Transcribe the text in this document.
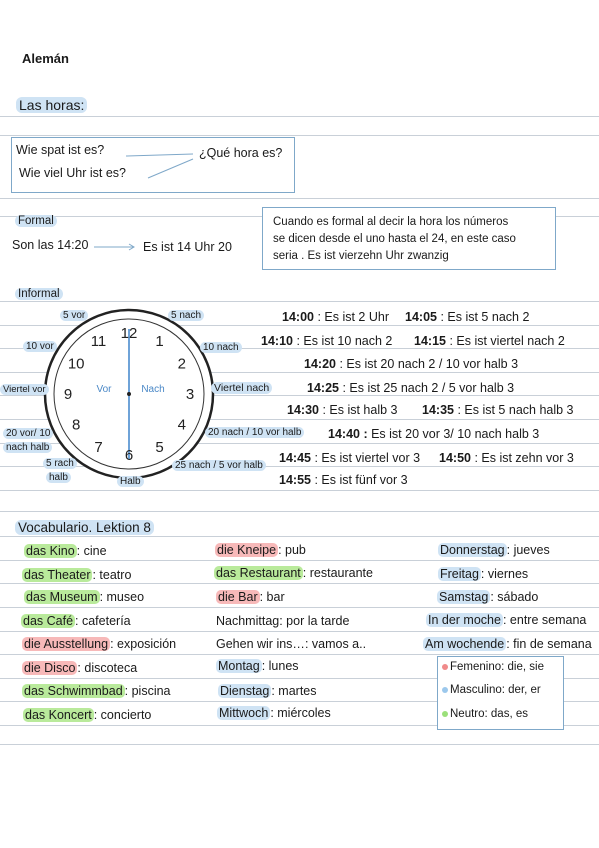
Alemán
Las horas:
Wie spat ist es?
Wie viel Uhr ist es?
¿Qué hora es?
Formal
Son las 14:20	Es ist 14 Uhr 20
Cuando es formal al decir la hora los números
se dicen desde el uno hasta el 24, en este caso
seria . Es ist vierzehn Uhr zwanzig
Informal
12 1
2
3
4
5
6
7
8
9
10
11
Vor	Nach
5 vor	5 nach
10 vor	10 nach
Viertel vor	Viertel nach
20 vor/ 10
nach halb
20 nach / 10 vor halb
5 rach
halb	Halb
25 nach / 5 vor halb
14:00 : Es ist 2 Uhr 14:05 : Es ist 5 nach 2
14:10 : Es ist 10 nach 2 14:15 : Es ist viertel nach 2
14:20 : Es ist 20 nach 2 / 10 vor halb 3
14:25 : Es ist 25 nach 2 / 5 vor halb 3
14:30 : Es ist halb 3 14:35 : Es ist 5 nach halb 3
14:40 : Es ist 20 vor 3/ 10 nach halb 3
14:45 : Es ist viertel vor 3 14:50 : Es ist zehn vor 3
14:55 : Es ist fünf vor 3
Vocabulario. Lektion 8
das Kino : cine
das Theater : teatro
das Museum : museo
das Café : cafetería
die Ausstellung : exposición
die Disco : discoteca
das Schwimmbad : piscina
das Koncert : concierto
die Kneipe : pub
das Restaurant : restaurante
die Bar : bar
Nachmittag: por la tarde
Gehen wir ins…: vamos a..
Montag : lunes
Dienstag : martes
Mittwoch : miércoles
Donnerstag : jueves
Freitag : viernes
Samstag : sábado
In der moche : entre semana
Am wochende : fin de semana
Femenino: die, sie
Masculino: der, er
Neutro: das, es
